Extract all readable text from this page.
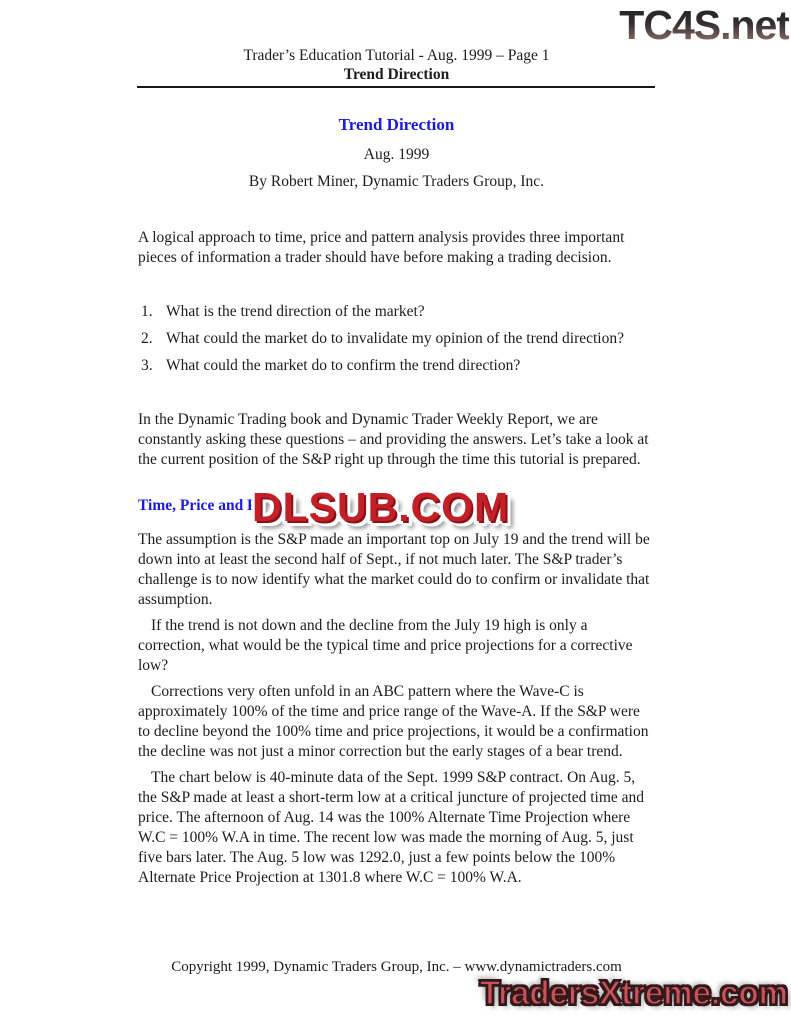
TC4S.net
Trader’s Education Tutorial - Aug. 1999 – Page 1
Trend Direction
Trend Direction
Aug. 1999
By Robert Miner, Dynamic Traders Group, Inc.
A logical approach to time, price and pattern analysis provides three important pieces of information a trader should have before making a trading decision.
1. What is the trend direction of the market?
2. What could the market do to invalidate my opinion of the trend direction?
3. What could the market do to confirm the trend direction?
In the Dynamic Trading book and Dynamic Trader Weekly Report, we are constantly asking these questions – and providing the answers. Let’s take a look at the current position of the S&P right up through the time this tutorial is prepared.
Time, Price and P
DLSUB.COM
The assumption is the S&P made an important top on July 19 and the trend will be down into at least the second half of Sept., if not much later. The S&P trader’s challenge is to now identify what the market could do to confirm or invalidate that assumption.
If the trend is not down and the decline from the July 19 high is only a correction, what would be the typical time and price projections for a corrective low?
Corrections very often unfold in an ABC pattern where the Wave-C is approximately 100% of the time and price range of the Wave-A. If the S&P were to decline beyond the 100% time and price projections, it would be a confirmation the decline was not just a minor correction but the early stages of a bear trend.
The chart below is 40-minute data of the Sept. 1999 S&P contract. On Aug. 5, the S&P made at least a short-term low at a critical juncture of projected time and price. The afternoon of Aug. 14 was the 100% Alternate Time Projection where W.C = 100% W.A in time. The recent low was made the morning of Aug. 5, just five bars later. The Aug. 5 low was 1292.0, just a few points below the 100% Alternate Price Projection at 1301.8 where W.C = 100% W.A.
Copyright 1999, Dynamic Traders Group, Inc. – www.dynamictraders.com
TradersXtreme.com
